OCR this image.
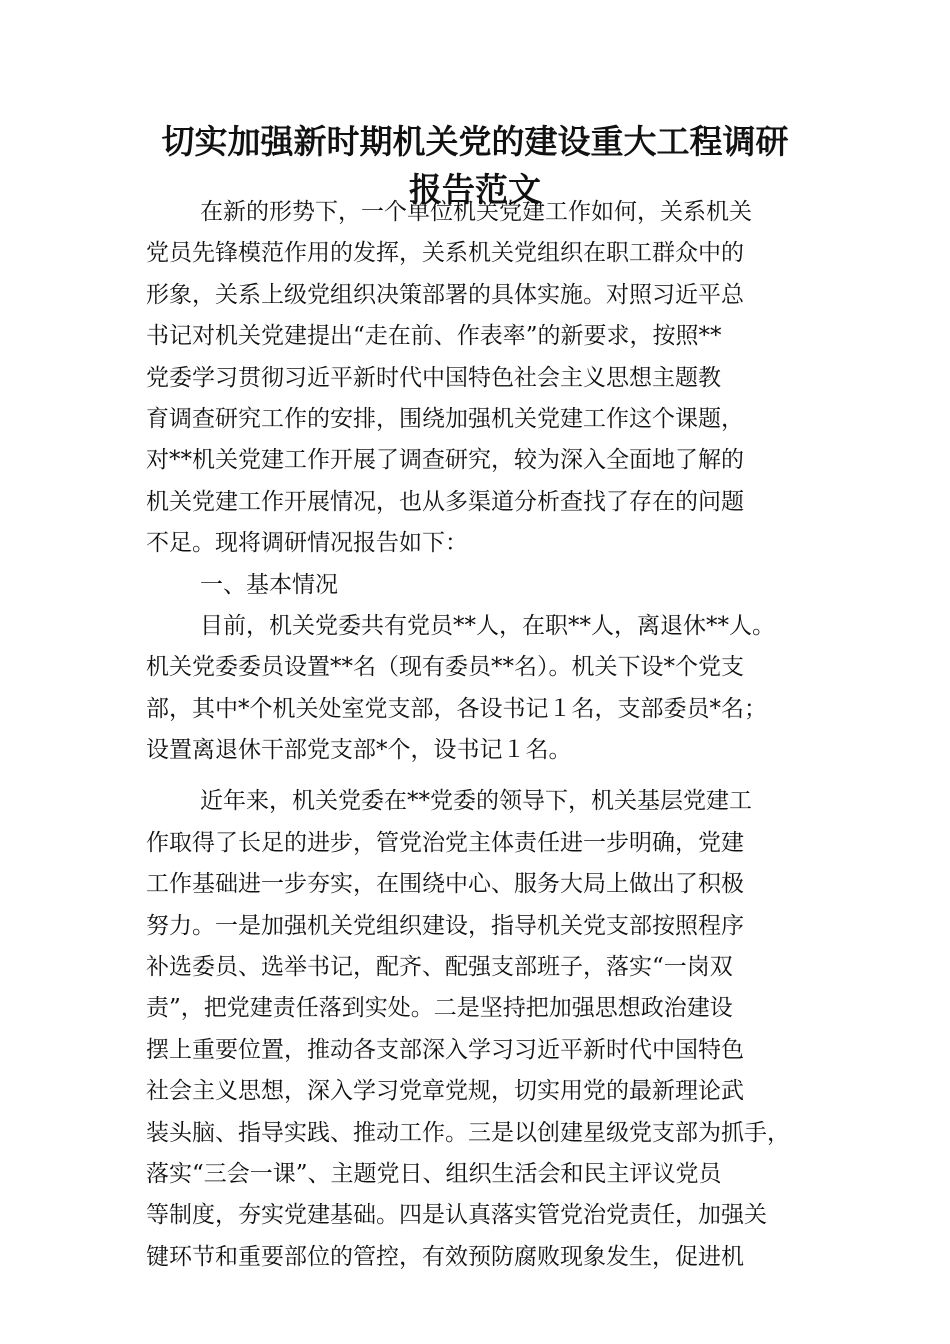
切实加强新时期机关党的建设重大工程调研
报告范文
在新的形势下，一个单位机关党建工作如何，关系机关
党员先锋模范作用的发挥，关系机关党组织在职工群众中的
形象，关系上级党组织决策部署的具体实施。对照习近平总
书记对机关党建提出“走在前、作表率”的新要求，按照**
党委学习贯彻习近平新时代中国特色社会主义思想主题教
育调查研究工作的安排，围绕加强机关党建工作这个课题，
对**机关党建工作开展了调查研究，较为深入全面地了解的
机关党建工作开展情况，也从多渠道分析查找了存在的问题
不足。现将调研情况报告如下：
一、基本情况
目前，机关党委共有党员**人，在职**人，离退休**人。
机关党委委员设置**名（现有委员**名）。机关下设*个党支
部，其中*个机关处室党支部，各设书记１名，支部委员*名；
设置离退休干部党支部*个，设书记１名。
近年来，机关党委在**党委的领导下，机关基层党建工
作取得了长足的进步，管党治党主体责任进一步明确，党建
工作基础进一步夯实，在围绕中心、服务大局上做出了积极
努力。一是加强机关党组织建设，指导机关党支部按照程序
补选委员、选举书记，配齐、配强支部班子，落实“一岗双
责”，把党建责任落到实处。二是坚持把加强思想政治建设
摆上重要位置，推动各支部深入学习习近平新时代中国特色
社会主义思想，深入学习党章党规，切实用党的最新理论武
装头脑、指导实践、推动工作。三是以创建星级党支部为抓手，
落实“三会一课”、主题党日、组织生活会和民主评议党员
等制度，夯实党建基础。四是认真落实管党治党责任，加强关
键环节和重要部位的管控，有效预防腐败现象发生，促进机
